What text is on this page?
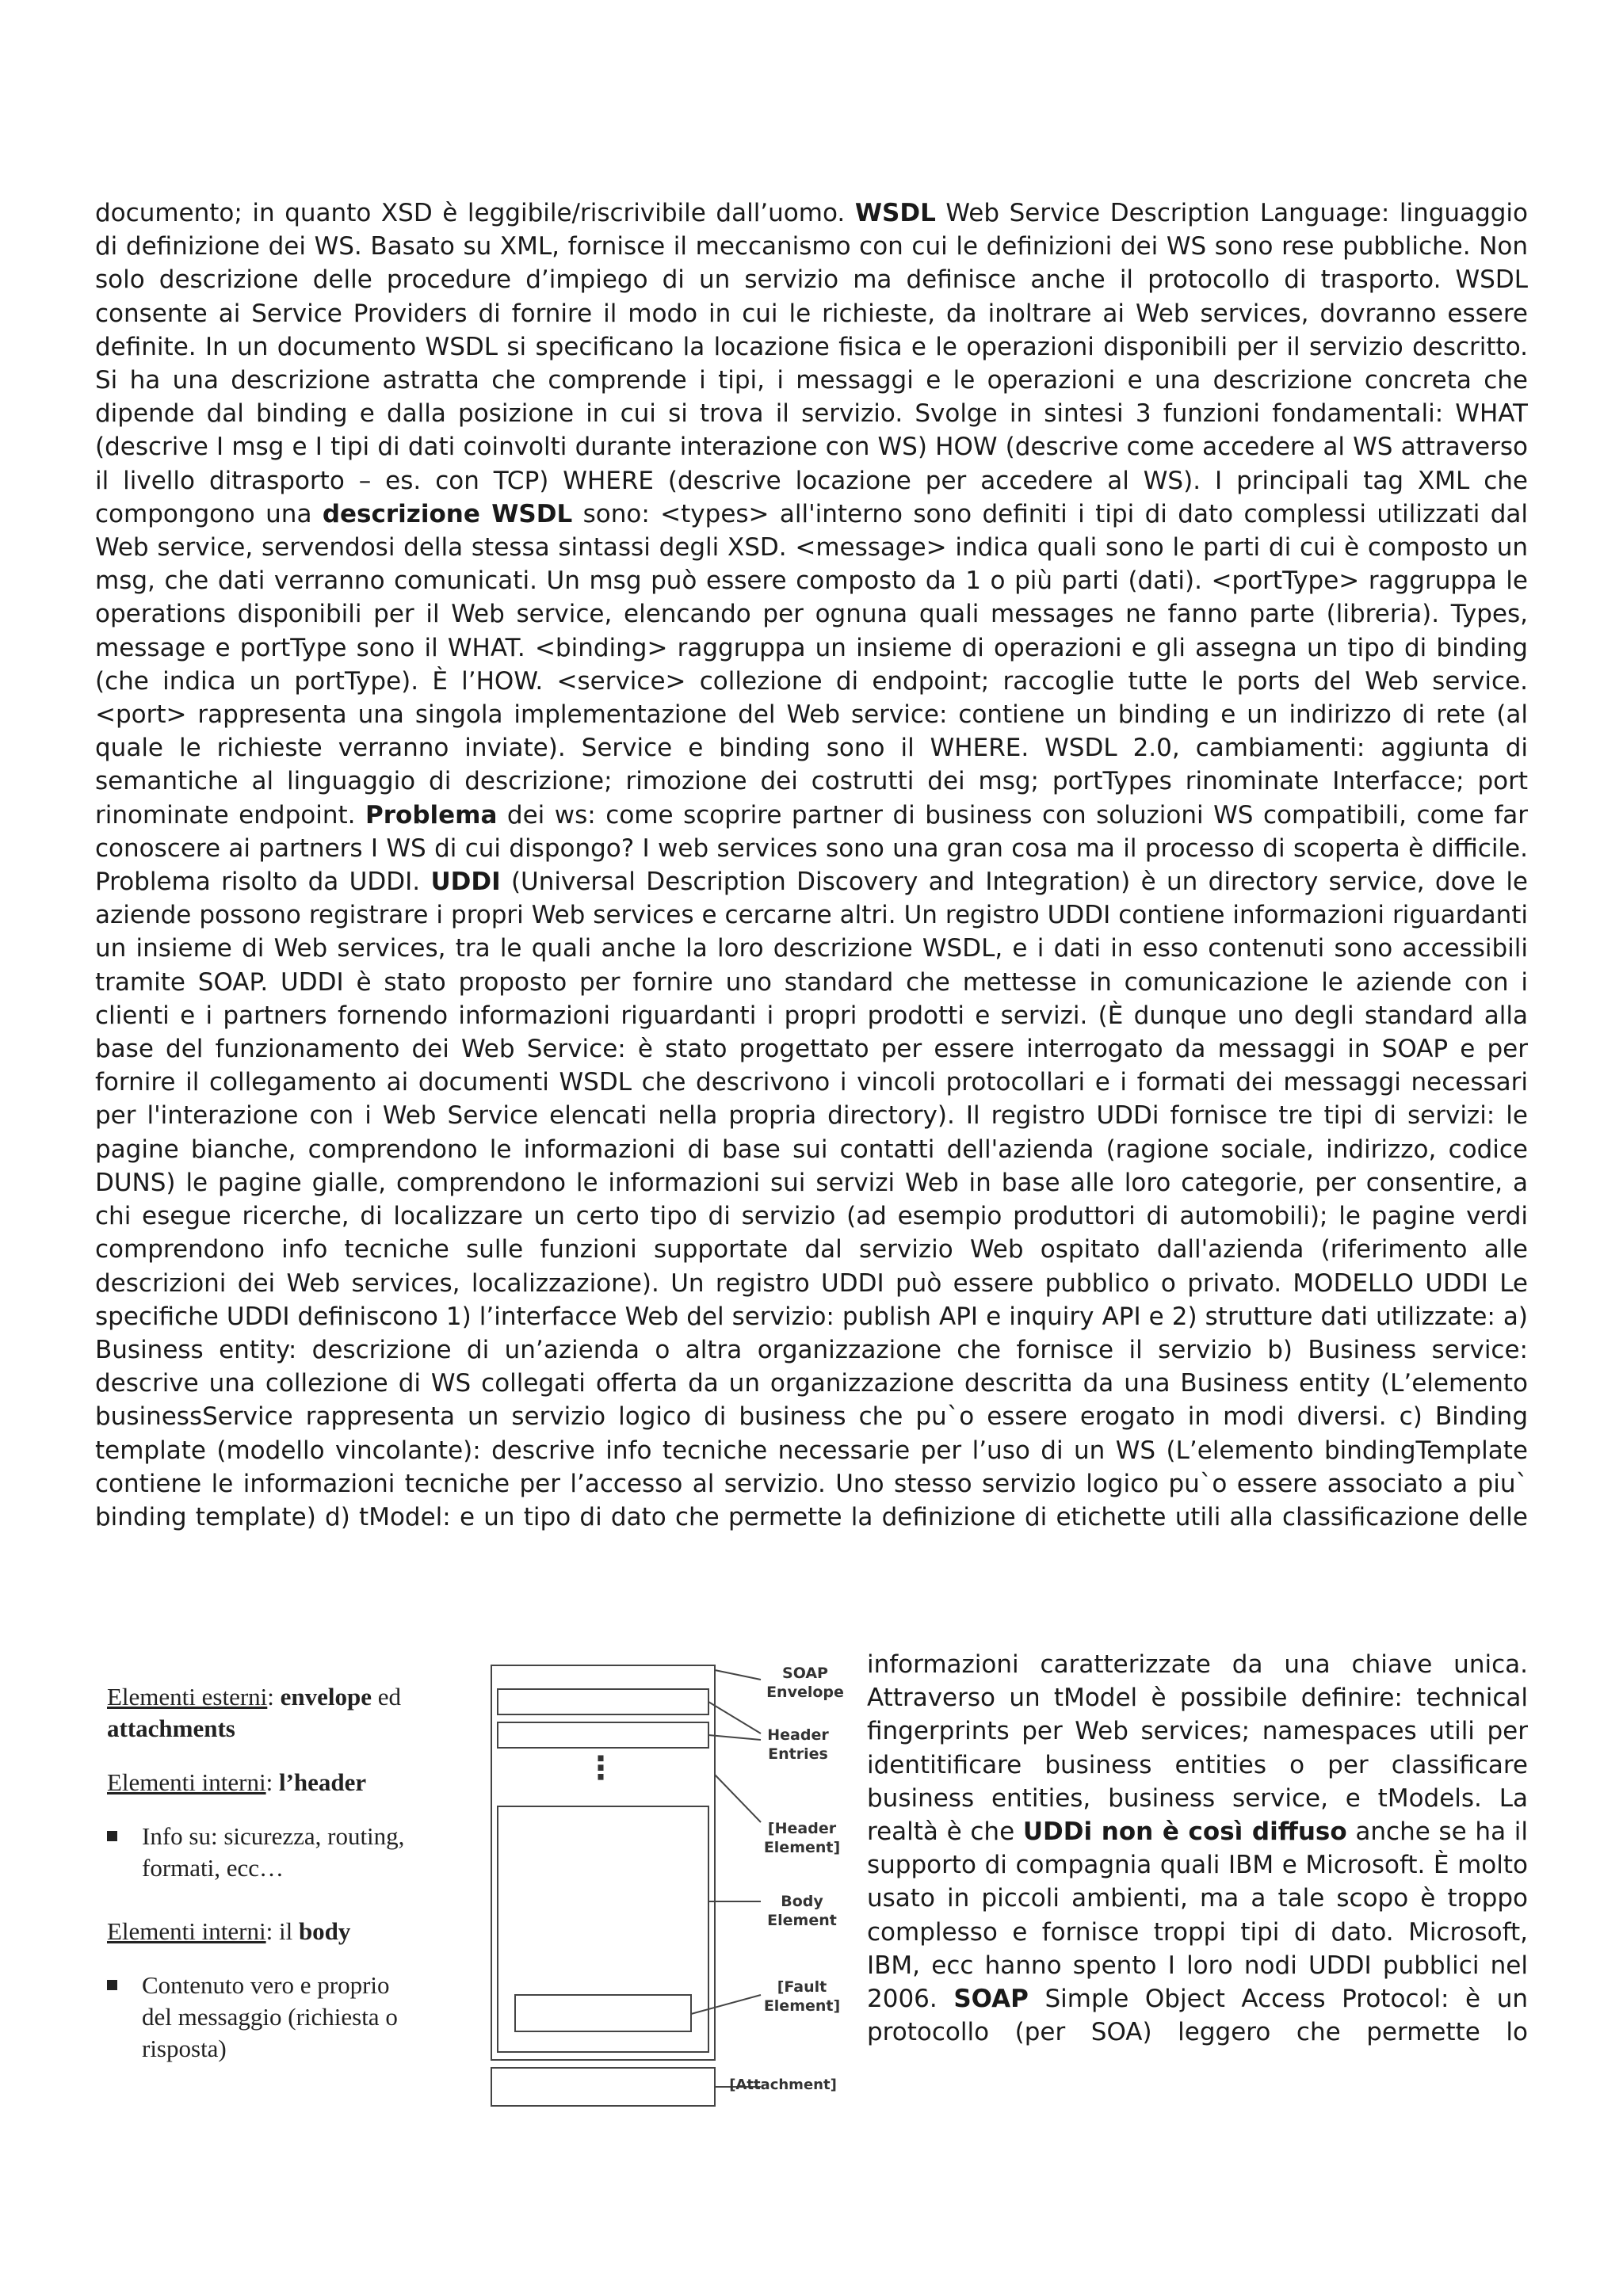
documento; in quanto XSD è leggibile/riscrivibile dall’uomo. WSDL Web Service Description Language: linguaggio di definizione dei WS. Basato su XML, fornisce il meccanismo con cui le definizioni dei WS sono rese pubbliche. Non solo descrizione delle procedure d’impiego di un servizio ma definisce anche il protocollo di trasporto. WSDL consente ai Service Providers di fornire il modo in cui le richieste, da inoltrare ai Web services, dovranno essere definite. In un documento WSDL si specificano la locazione fisica e le operazioni disponibili per il servizio descritto. Si ha una descrizione astratta che comprende i tipi, i messaggi e le operazioni e una descrizione concreta che dipende dal binding e dalla posizione in cui si trova il servizio. Svolge in sintesi 3 funzioni fondamentali: WHAT (descrive I msg e I tipi di dati coinvolti durante interazione con WS) HOW (descrive come accedere al WS attraverso il livello ditrasporto – es. con TCP) WHERE (descrive locazione per accedere al WS). I principali tag XML che compongono una descrizione WSDL sono: <types> all'interno sono definiti i tipi di dato complessi utilizzati dal Web service, servendosi della stessa sintassi degli XSD. <message> indica quali sono le parti di cui è composto un msg, che dati verranno comunicati. Un msg può essere composto da 1 o più parti (dati). <portType> raggruppa le operations disponibili per il Web service, elencando per ognuna quali messages ne fanno parte (libreria). Types, message e portType sono il WHAT. <binding> raggruppa un insieme di operazioni e gli assegna un tipo di binding (che indica un portType). È l’HOW. <service> collezione di endpoint; raccoglie tutte le ports del Web service. <port> rappresenta una singola implementazione del Web service: contiene un binding e un indirizzo di rete (al quale le richieste verranno inviate). Service e binding sono il WHERE. WSDL 2.0, cambiamenti: aggiunta di semantiche al linguaggio di descrizione; rimozione dei costrutti dei msg; portTypes rinominate Interfacce; port rinominate endpoint. Problema dei ws: come scoprire partner di business con soluzioni WS compatibili, come far conoscere ai partners I WS di cui dispongo? I web services sono una gran cosa ma il processo di scoperta è difficile. Problema risolto da UDDI. UDDI (Universal Description Discovery and Integration) è un directory service, dove le aziende possono registrare i propri Web services e cercarne altri. Un registro UDDI contiene informazioni riguardanti un insieme di Web services, tra le quali anche la loro descrizione WSDL, e i dati in esso contenuti sono accessibili tramite SOAP. UDDI è stato proposto per fornire uno standard che mettesse in comunicazione le aziende con i clienti e i partners fornendo informazioni riguardanti i propri prodotti e servizi. (È dunque uno degli standard alla base del funzionamento dei Web Service: è stato progettato per essere interrogato da messaggi in SOAP e per fornire il collegamento ai documenti WSDL che descrivono i vincoli protocollari e i formati dei messaggi necessari per l'interazione con i Web Service elencati nella propria directory). Il registro UDDi fornisce tre tipi di servizi: le pagine bianche, comprendono le informazioni di base sui contatti dell'azienda (ragione sociale, indirizzo, codice DUNS) le pagine gialle, comprendono le informazioni sui servizi Web in base alle loro categorie, per consentire, a chi esegue ricerche, di localizzare un certo tipo di servizio (ad esempio produttori di automobili); le pagine verdi comprendono info tecniche sulle funzioni supportate dal servizio Web ospitato dall'azienda (riferimento alle descrizioni dei Web services, localizzazione). Un registro UDDI può essere pubblico o privato. MODELLO UDDI Le specifiche UDDI definiscono 1) l’interfacce Web del servizio: publish API e inquiry API e 2) strutture dati utilizzate: a) Business entity: descrizione di un’azienda o altra organizzazione che fornisce il servizio b) Business service: descrive una collezione di WS collegati offerta da un organizzazione descritta da una Business entity (L’elemento businessService rappresenta un servizio logico di business che pu`o essere erogato in modi diversi. c) Binding template (modello vincolante): descrive info tecniche necessarie per l’uso di un WS (L’elemento bindingTemplate contiene le informazioni tecniche per l’accesso al servizio. Uno stesso servizio logico pu`o essere associato a piu` binding template) d) tModel: e un tipo di dato che permette la definizione di etichette utili alla classificazione delle

Elementi esterni: envelope ed
attachments
Elementi interni: l’header
Info su: sicurezza, routing,
formati, ecc…
Elementi interni: il body
Contenuto vero e proprio
del messaggio (richiesta o
risposta)
SOAP
Envelope
Header
Entries
⋮
[Header
Element]
Body
Element
[Fault
Element]
[Attachment]

informazioni caratterizzate da una chiave unica. Attraverso un tModel è possibile definire: technical fingerprints per Web services; namespaces utili per identitificare business entities o per classificare business entities, business service, e tModels. La realtà è che UDDi non è così diffuso anche se ha il supporto di compagnia quali IBM e Microsoft. È molto usato in piccoli ambienti, ma a tale scopo è troppo complesso e fornisce troppi tipi di dato. Microsoft, IBM, ecc hanno spento I loro nodi UDDI pubblici nel 2006. SOAP Simple Object Access Protocol: è un protocollo (per SOA) leggero che permette lo
